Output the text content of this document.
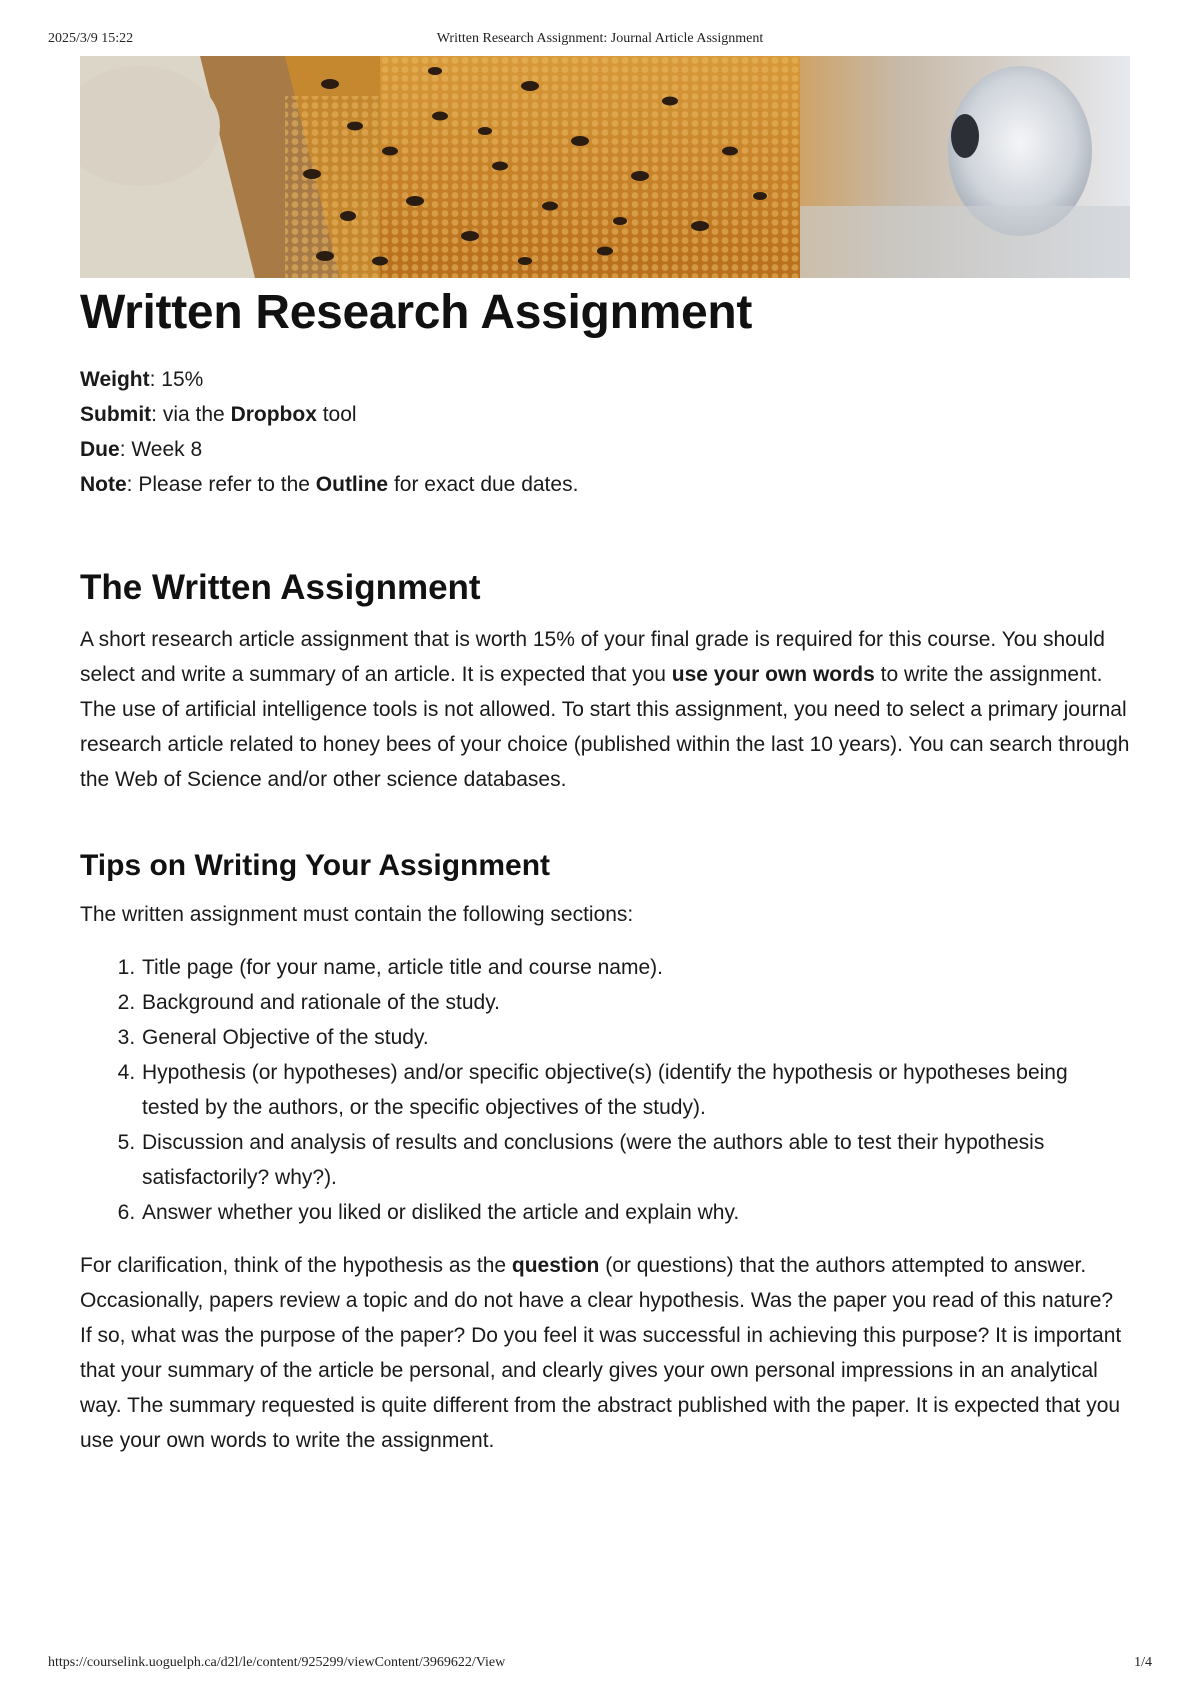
2025/3/9 15:22	Written Research Assignment: Journal Article Assignment
Written Research Assignment
Weight: 15%
Submit: via the Dropbox tool
Due: Week 8
Note: Please refer to the Outline for exact due dates.
The Written Assignment

A short research article assignment that is worth 15% of your final grade is required for this course. You should select and write a summary of an article. It is expected that you use your own words to write the assignment. The use of artificial intelligence tools is not allowed. To start this assignment, you need to select a primary journal research article related to honey bees of your choice (published within the last 10 years). You can search through the Web of Science and/or other science databases.

Tips on Writing Your Assignment

The written assignment must contain the following sections:

1. Title page (for your name, article title and course name).
2. Background and rationale of the study.
3. General Objective of the study.
4. Hypothesis (or hypotheses) and/or specific objective(s) (identify the hypothesis or hypotheses being tested by the authors, or the specific objectives of the study).
5. Discussion and analysis of results and conclusions (were the authors able to test their hypothesis satisfactorily? why?).
6. Answer whether you liked or disliked the article and explain why.

For clarification, think of the hypothesis as the question (or questions) that the authors attempted to answer. Occasionally, papers review a topic and do not have a clear hypothesis. Was the paper you read of this nature? If so, what was the purpose of the paper? Do you feel it was successful in achieving this purpose? It is important that your summary of the article be personal, and clearly gives your own personal impressions in an analytical way. The summary requested is quite different from the abstract published with the paper. It is expected that you use your own words to write the assignment.

https://courselink.uoguelph.ca/d2l/le/content/925299/viewContent/3969622/View	1/4
